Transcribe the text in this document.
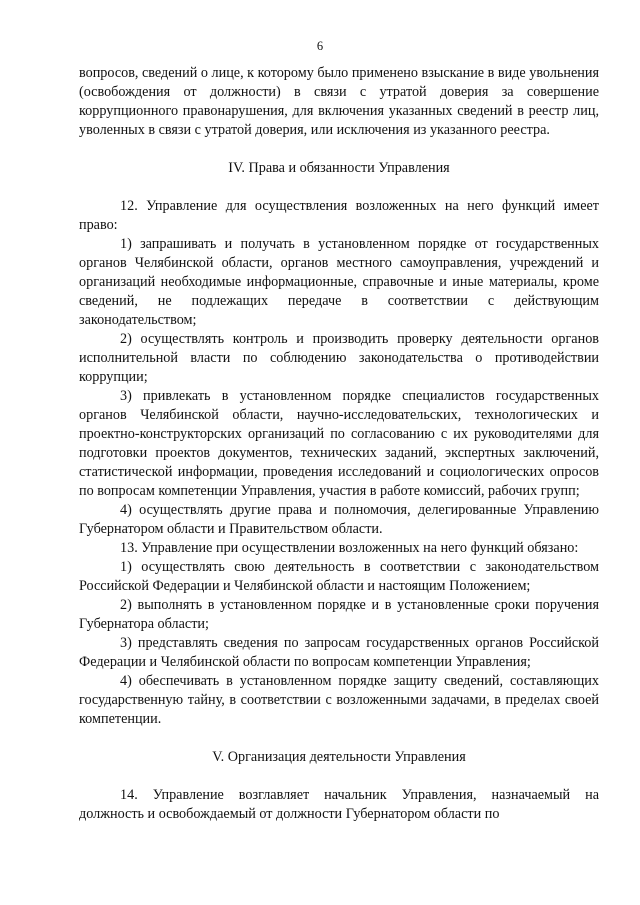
6

вопросов, сведений о лице, к которому было применено взыскание в виде увольнения (освобождения от должности) в связи с утратой доверия за совершение коррупционного правонарушения, для включения указанных сведений в реестр лиц, уволенных в связи с утратой доверия, или исключения из указанного реестра.

IV. Права и обязанности Управления

12. Управление для осуществления возложенных на него функций имеет право:

1) запрашивать и получать в установленном порядке от государственных органов Челябинской области, органов местного самоуправления, учреждений и организаций необходимые информационные, справочные и иные материалы, кроме сведений, не подлежащих передаче в соответствии с действующим законодательством;

2) осуществлять контроль и производить проверку деятельности органов исполнительной власти по соблюдению законодательства о противодействии коррупции;

3) привлекать в установленном порядке специалистов государственных органов Челябинской области, научно-исследовательских, технологических и проектно-конструкторских организаций по согласованию с их руководителями для подготовки проектов документов, технических заданий, экспертных заключений, статистической информации, проведения исследований и социологических опросов по вопросам компетенции Управления, участия в работе комиссий, рабочих групп;

4) осуществлять другие права и полномочия, делегированные Управлению Губернатором области и Правительством области.

13. Управление при осуществлении возложенных на него функций обязано:

1) осуществлять свою деятельность в соответствии с законодательством Российской Федерации и Челябинской области и настоящим Положением;

2) выполнять в установленном порядке и в установленные сроки поручения Губернатора области;

3) представлять сведения по запросам государственных органов Российской Федерации и Челябинской области по вопросам компетенции Управления;

4) обеспечивать в установленном порядке защиту сведений, составляющих государственную тайну, в соответствии с возложенными задачами, в пределах своей компетенции.

V. Организация деятельности Управления

14. Управление возглавляет начальник Управления, назначаемый на должность и освобождаемый от должности Губернатором области по
